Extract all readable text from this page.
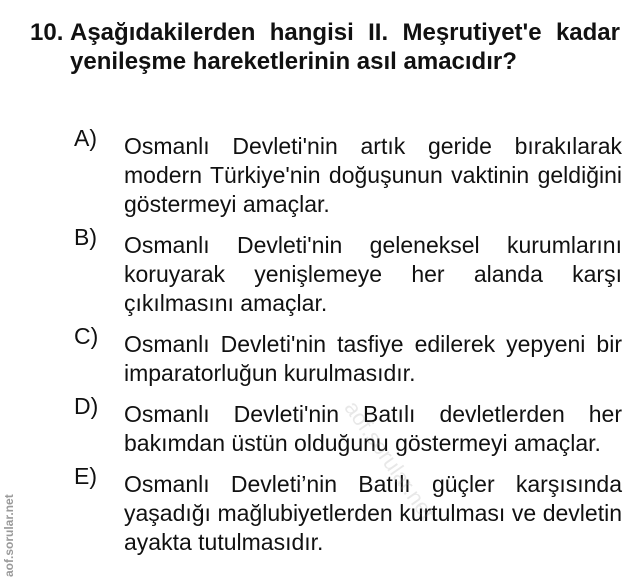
10. Aşağıdakilerden hangisi II. Meşrutiyet'e kadar yenileşme hareketlerinin asıl amacıdır?
A)	Osmanlı Devleti'nin artık geride bırakılarak modern Türkiye'nin doğuşunun vaktinin geldiğini göstermeyi amaçlar.
B)	Osmanlı Devleti'nin geleneksel kurumlarını koruyarak yenişlemeye her alanda karşı çıkılmasını amaçlar.
C)	Osmanlı Devleti'nin tasfiye edilerek yepyeni bir imparatorluğun kurulmasıdır.
D)	Osmanlı Devleti'nin Batılı devletlerden her bakımdan üstün olduğunu göstermeyi amaçlar.
E)	Osmanlı Devleti’nin Batılı güçler karşısında yaşadığı mağlubiyetlerden kurtulması ve devletin ayakta tutulmasıdır.
aof.sorular.net
aof.sorular.net
